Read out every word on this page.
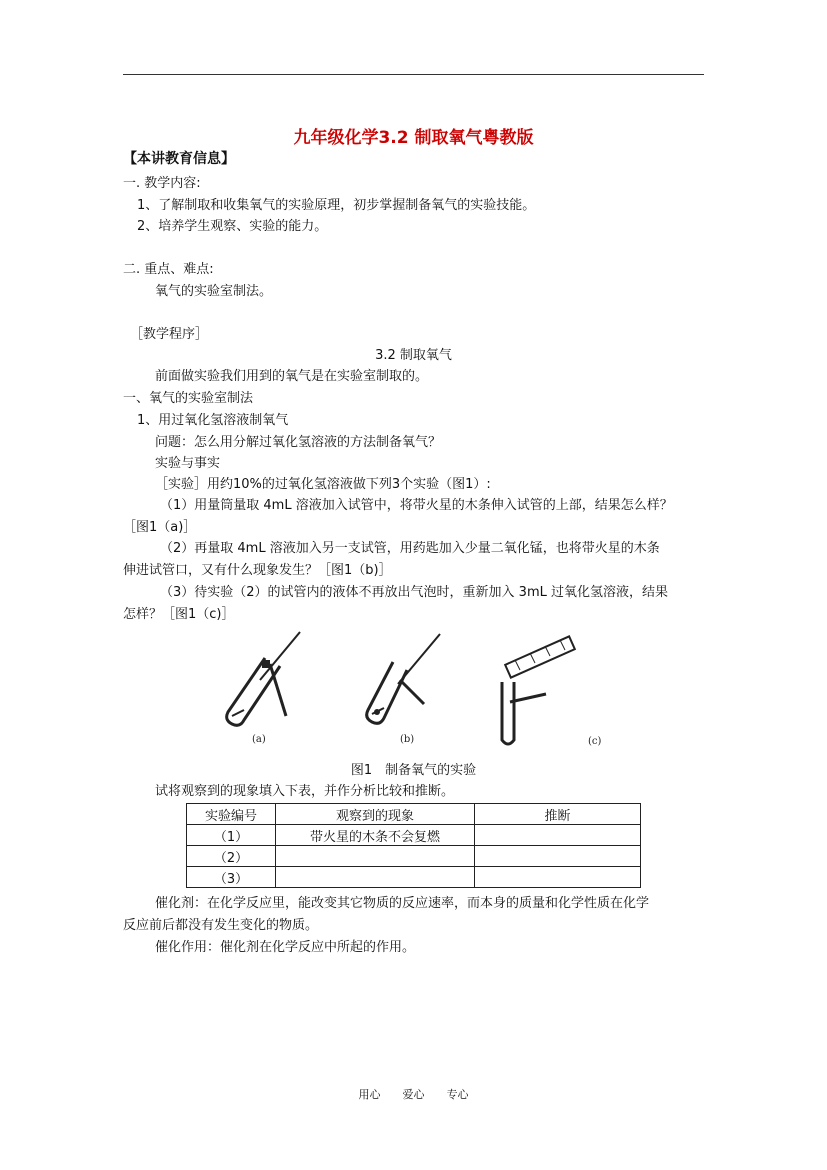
九年级化学3.2 制取氧气粤教版
【本讲教育信息】
一. 教学内容:
1、了解制取和收集氧气的实验原理，初步掌握制备氧气的实验技能。
2、培养学生观察、实验的能力。
二. 重点、难点:
氧气的实验室制法。
［教学程序］
3.2 制取氧气
前面做实验我们用到的氧气是在实验室制取的。
一、氧气的实验室制法
1、用过氧化氢溶液制氧气
问题：怎么用分解过氧化氢溶液的方法制备氧气？
实验与事实
［实验］用约10%的过氧化氢溶液做下列3个实验（图1）:
（1）用量筒量取 4mL 溶液加入试管中，将带火星的木条伸入试管的上部，结果怎么样？
［图1（a)］
（2）再量取 4mL 溶液加入另一支试管，用药匙加入少量二氧化锰，也将带火星的木条
伸进试管口，又有什么现象发生？［图1（b)］
（3）待实验（2）的试管内的液体不再放出气泡时，重新加入 3mL 过氧化氢溶液，结果
怎样？［图1（c)］
(a)	(b)	(c)
图1　制备氧气的实验
试将观察到的现象填入下表，并作分析比较和推断。
实验编号	观察到的现象	推断
（1）	带火星的木条不会复燃	
（2）		
（3）		
催化剂：在化学反应里，能改变其它物质的反应速率，而本身的质量和化学性质在化学
反应前后都没有发生变化的物质。
催化作用：催化剂在化学反应中所起的作用。
用心　　爱心　　专心
